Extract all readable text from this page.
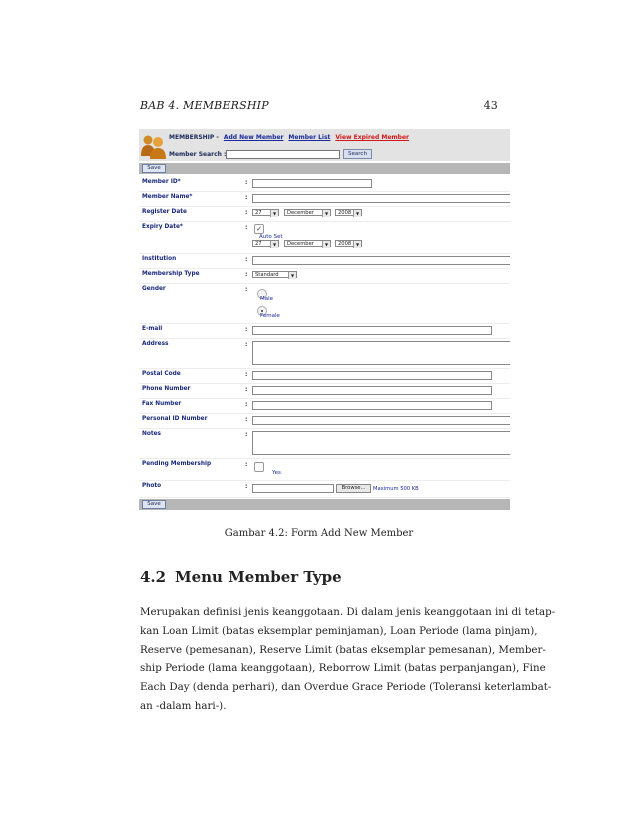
BAB 4. MEMBERSHIP	43
MEMBERSHIP - Add New Member Member List View Expired Member
Member Search :	Search
Save
Member ID*	:
Member Name*	:
Register Date	:	27	▼	December	▼	2008	▼
Expiry Date*	: ✓
Auto Set
27	▼	December	▼	2008	▼
Institution	:
Membership Type	:	Standard	▼
Gender	:
Male
Female
E-mail	:
Address	:
Postal Code	:
Phone Number	:
Fax Number	:
Personal ID Number	:
Notes	:
Pending Membership	:
Yes
Photo	:	Browse...	Maximum 500 KB
Save
Gambar 4.2: Form Add New Member
4.2 Menu Member Type
Merupakan definisi jenis keanggotaan. Di dalam jenis keanggotaan ini di tetap-
kan Loan Limit (batas eksemplar peminjaman), Loan Periode (lama pinjam),
Reserve (pemesanan), Reserve Limit (batas eksemplar pemesanan), Member-
ship Periode (lama keanggotaan), Reborrow Limit (batas perpanjangan), Fine
Each Day (denda perhari), dan Overdue Grace Periode (Toleransi keterlambat-
an -dalam hari-).
